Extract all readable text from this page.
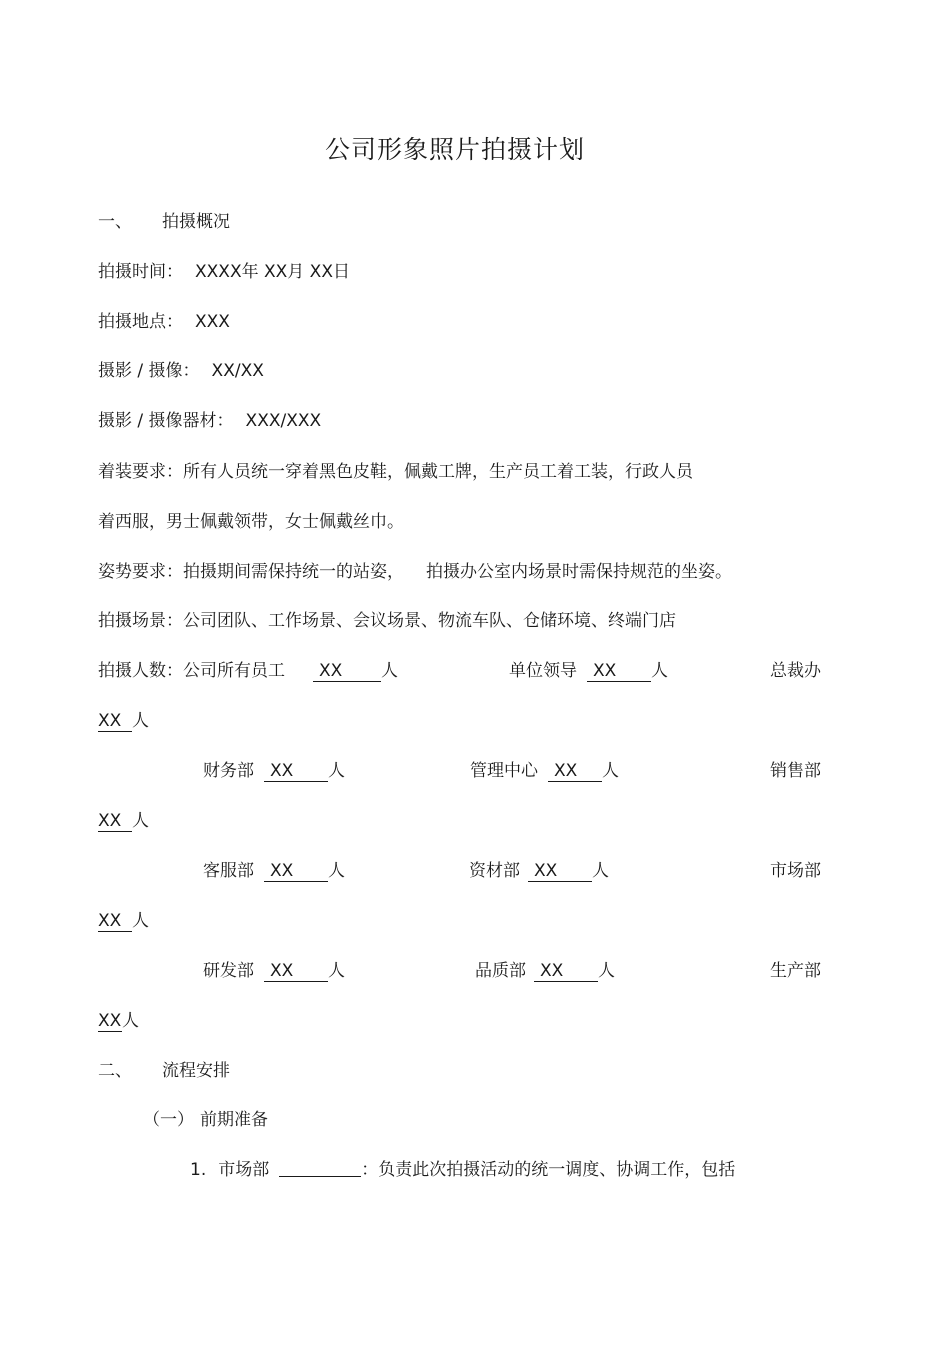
公司形象照片拍摄计划
一、 拍摄概况
拍摄时间： XXXX年 XX月 XX日
拍摄地点： XXX
摄影 / 摄像： XX/XX
摄影 / 摄像器材： XXX/XXX
着装要求：所有人员统一穿着黑色皮鞋，佩戴工牌，生产员工着工装，行政人员
着西服，男士佩戴领带，女士佩戴丝巾。
姿势要求：拍摄期间需保持统一的站姿， 拍摄办公室内场景时需保持规范的坐姿。
拍摄场景：公司团队、工作场景、会议场景、物流车队、仓储环境、终端门店
拍摄人数：公司所有员工 XX 人	单位领导 XX 人	总裁办
XX 人
财务部 XX 人	管理中心 XX 人	销售部
XX 人
客服部 XX 人	资材部 XX 人	市场部
XX 人
研发部 XX 人	品质部 XX 人	生产部
XX人
二、 流程安排
（一） 前期准备
1. 市场部	：负责此次拍摄活动的统一调度、协调工作，包括
